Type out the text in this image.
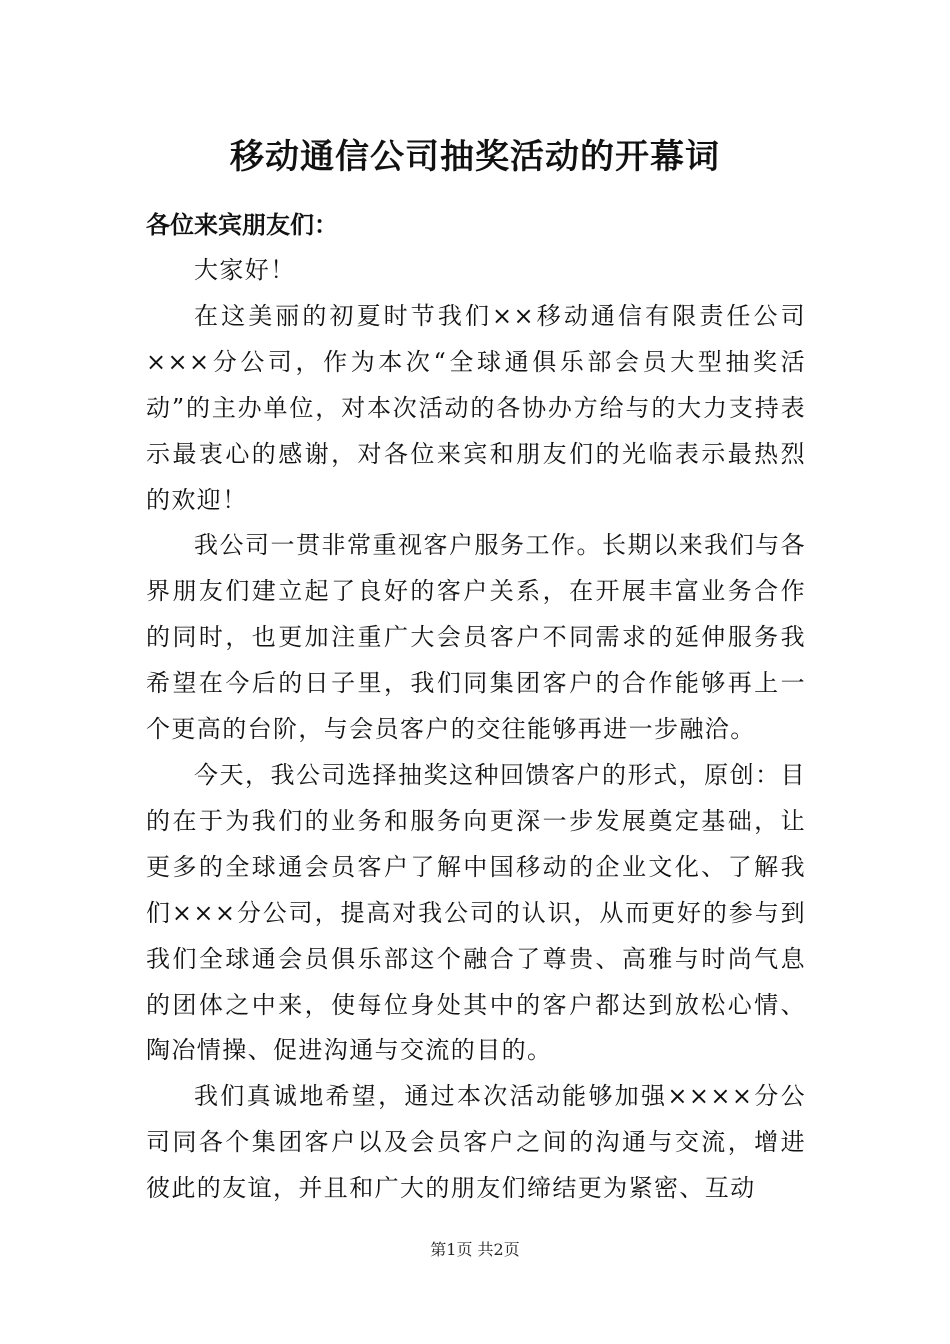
移动通信公司抽奖活动的开幕词
各位来宾朋友们：

大家好！

在这美丽的初夏时节我们××移动通信有限责任公司×××分公司，作为本次“全球通俱乐部会员大型抽奖活动”的主办单位，对本次活动的各协办方给与的大力支持表示最衷心的感谢，对各位来宾和朋友们的光临表示最热烈的欢迎！

我公司一贯非常重视客户服务工作。长期以来我们与各界朋友们建立起了良好的客户关系，在开展丰富业务合作的同时，也更加注重广大会员客户不同需求的延伸服务我希望在今后的日子里，我们同集团客户的合作能够再上一个更高的台阶，与会员客户的交往能够再进一步融洽。

今天，我公司选择抽奖这种回馈客户的形式，原创：目的在于为我们的业务和服务向更深一步发展奠定基础，让更多的全球通会员客户了解中国移动的企业文化、了解我们×××分公司，提高对我公司的认识，从而更好的参与到我们全球通会员俱乐部这个融合了尊贵、高雅与时尚气息的团体之中来，使每位身处其中的客户都达到放松心情、陶冶情操、促进沟通与交流的目的。

我们真诚地希望，通过本次活动能够加强××××分公司同各个集团客户以及会员客户之间的沟通与交流，增进彼此的友谊，并且和广大的朋友们缔结更为紧密、互动

第1页 共2页
